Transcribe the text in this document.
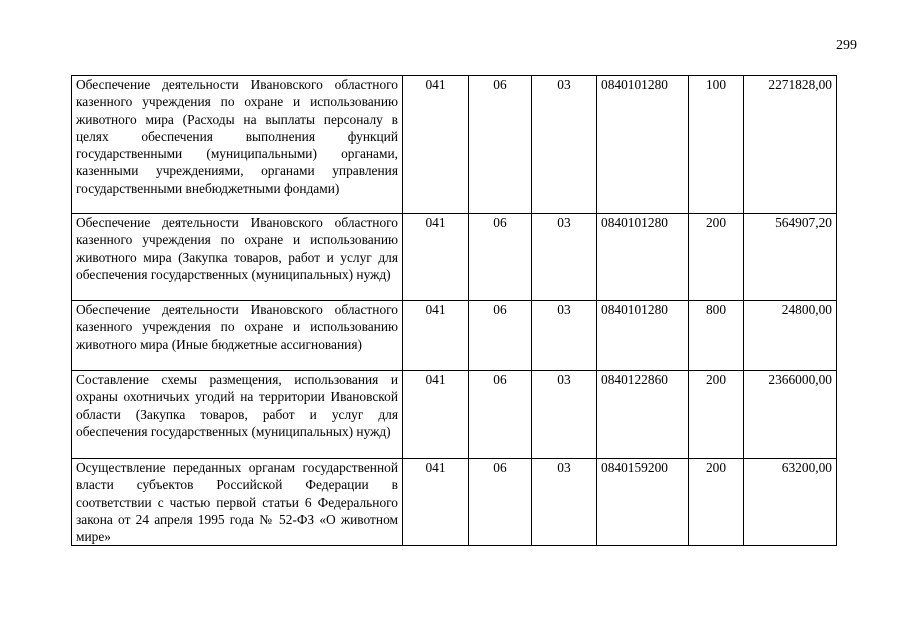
299
Обеспечение деятельности Ивановского областного казенного учреждения по охране и использованию животного мира (Расходы на выплаты персоналу в целях обеспечения выполнения функций государственными (муниципальными) органами, казенными учреждениями, органами управления государственными внебюджетными фондами)	041	06	03	0840101280	100	2271828,00
Обеспечение деятельности Ивановского областного казенного учреждения по охране и использованию животного мира (Закупка товаров, работ и услуг для обеспечения государственных (муниципальных) нужд)	041	06	03	0840101280	200	564907,20
Обеспечение деятельности Ивановского областного казенного учреждения по охране и использованию животного мира (Иные бюджетные ассигнования)	041	06	03	0840101280	800	24800,00
Составление схемы размещения, использования и охраны охотничьих угодий на территории Ивановской области (Закупка товаров, работ и услуг для обеспечения государственных (муниципальных) нужд)	041	06	03	0840122860	200	2366000,00
Осуществление переданных органам государственной власти субъектов Российской Федерации в соответствии с частью первой статьи 6 Федерального закона от 24 апреля 1995 года № 52-ФЗ «О животном мире»	041	06	03	0840159200	200	63200,00
